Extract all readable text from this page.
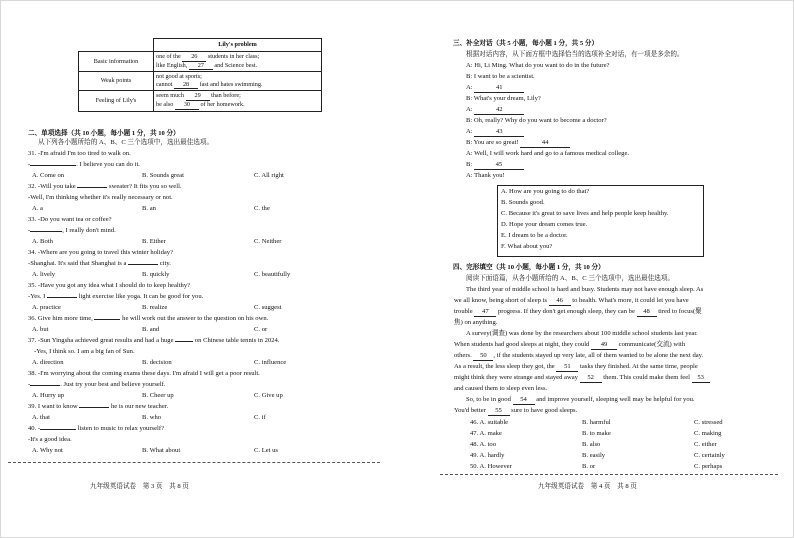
	Lily's problem
Basic information	one of the 26 students in her class;
like English, 27 and Science best.
Weak points	not good at sports;
cannot 28 fast and hates swimming.
Feeling of Lily's	seem much 29 than before;
be also 30 of her homework.
二、单项选择（共 10 小题，每小题 1 分，共 10 分）
从下列各小题所给的 A、B、C 三个选项中，选出最佳选项。
31. -I'm afraid I'm too tired to walk on.
-	. I believe you can do it.
A. Come on	B. Sounds great	C. All right
32. -Will you take	sweater? It fits you so well.
-Well, I'm thinking whether it's really necessary or not.
A. a	B. an	C. the
33. -Do you want tea or coffee?
-	, I really don't mind.
A. Both	B. Either	C. Neither
34. -Where are you going to travel this winter holiday?
-Shanghai. It's said that Shanghai is a	city.
A. lively	B. quickly	C. beautifully
35. -Have you got any idea what I should do to keep healthy?
-Yes. I	light exercise like yoga. It can be good for you.
A. practice	B. realize	C. suggest
36. Give him more time,	he will work out the answer to the question on his own.
A. but	B. and	C. or
37. -Sun Yingsha achieved great results and had a huge	on Chinese table tennis in 2024.
-Yes, I think so. I am a big fan of Sun.
A. direction	B. decision	C. influence
38. -I'm worrying about the coming exams these days. I'm afraid I will get a poor result.
-	. Just try your best and believe yourself.
A. Hurry up	B. Cheer up	C. Give up
39. I want to know	he is our new teacher.
A. that	B. who	C. if
40. -	listen to music to relax yourself?
-It's a good idea.
A. Why not	B. What about	C. Let us
九年级英语试卷　第 3 页　共 8 页
三、补全对话（共 5 小题，每小题 1 分，共 5 分）
根据对话内容，从下面方框中选择恰当的选项补全对话，有一项是多余的。
A: Hi, Li Ming. What do you want to do in the future?
B: I want to be a scientist.
A:	41
B: What's your dream, Lily?
A:	42
B: Oh, really? Why do you want to become a doctor?
A:	43
B: You are so great!	44
A: Well, I will work hard and go to a famous medical college.
B:	45
A: Thank you!
A. How are you going to do that?
B. Sounds good.
C. Because it's great to save lives and help people keep healthy.
D. Hope your dream comes true.
E. I dream to be a doctor.
F. What about you?
四、完形填空（共 10 小题，每小题 1 分，共 10 分）
阅读下面语篇，从各小题所给的 A、B、C 三个选项中，选出最佳选项。
The third year of middle school is hard and busy. Students may not have enough sleep. As
we all know, being short of sleep is 46 to health. What's more, it could let you have
trouble 47 progress. If they don't get enough sleep, they can be 48 tired to focus(聚
焦) on anything.
A survey(调查) was done by the researchers about 100 middle school students last year.
When students had good sleeps at night, they could 49 communicate(交流) with
others. 50 , if the students stayed up very late, all of them wanted to be alone the next day.
As a result, the less sleep they got, the 51 tasks they finished. At the same time, people
might think they were strange and stayed away 52 them. This could make them feel 53
and caused them to sleep even less.
So, to be in good 54 and improve yourself, sleeping well may be helpful for you.
You'd better 55 sure to have good sleeps.
46. A. suitable	B. harmful	C. stressed
47. A. make	B. to make	C. making
48. A. too	B. also	C. either
49. A. hardly	B. easily	C. certainly
50. A. However	B. or	C. perhaps
九年级英语试卷　第 4 页　共 8 页
